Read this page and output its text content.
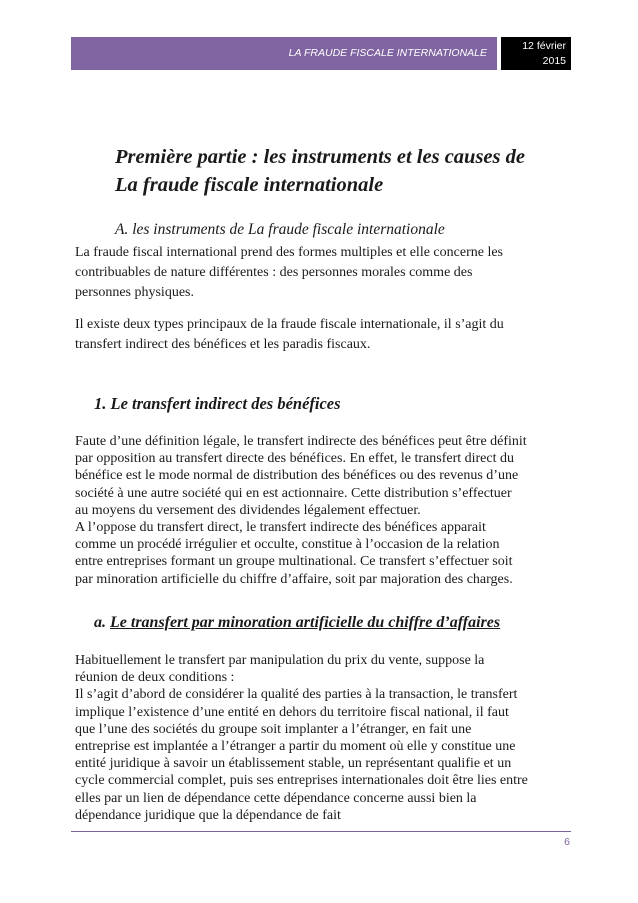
LA FRAUDE FISCALE INTERNATIONALE
12 février
2015
Première partie : les instruments et les causes de
La fraude fiscale internationale
A. les instruments de La fraude fiscale internationale
La fraude fiscal international prend des formes multiples et elle concerne les
contribuables de nature différentes : des personnes morales comme des
personnes physiques.
Il existe deux types principaux de la fraude fiscale internationale, il s’agit du
transfert indirect des bénéfices et les paradis fiscaux.
1. Le transfert indirect des bénéfices
Faute d’une définition légale, le transfert indirecte des bénéfices peut être définit
par opposition au transfert directe des bénéfices. En effet, le transfert direct du
bénéfice est le mode normal de distribution des bénéfices ou des revenus d’une
société à une autre société qui en est actionnaire. Cette distribution s’effectuer
au moyens du versement des dividendes légalement effectuer.
A l’oppose du transfert direct, le transfert indirecte des bénéfices apparait
comme un procédé irrégulier et occulte, constitue à l’occasion de la relation
entre entreprises formant un groupe multinational. Ce transfert s’effectuer soit
par minoration artificielle du chiffre d’affaire, soit par majoration des charges.
a. Le transfert par minoration artificielle du chiffre d’affaires
Habituellement le transfert par manipulation du prix du vente, suppose la
réunion de deux conditions :
Il s’agit d’abord de considérer la qualité des parties à la transaction, le transfert
implique l’existence d’une entité en dehors du territoire fiscal national, il faut
que l’une des sociétés du groupe soit implanter a l’étranger, en fait une
entreprise est implantée a l’étranger a partir du moment où elle y constitue une
entité juridique à savoir un établissement stable, un représentant qualifie et un
cycle commercial complet, puis ses entreprises internationales doit être lies entre
elles par un lien de dépendance cette dépendance concerne aussi bien la
dépendance juridique que la dépendance de fait
6
